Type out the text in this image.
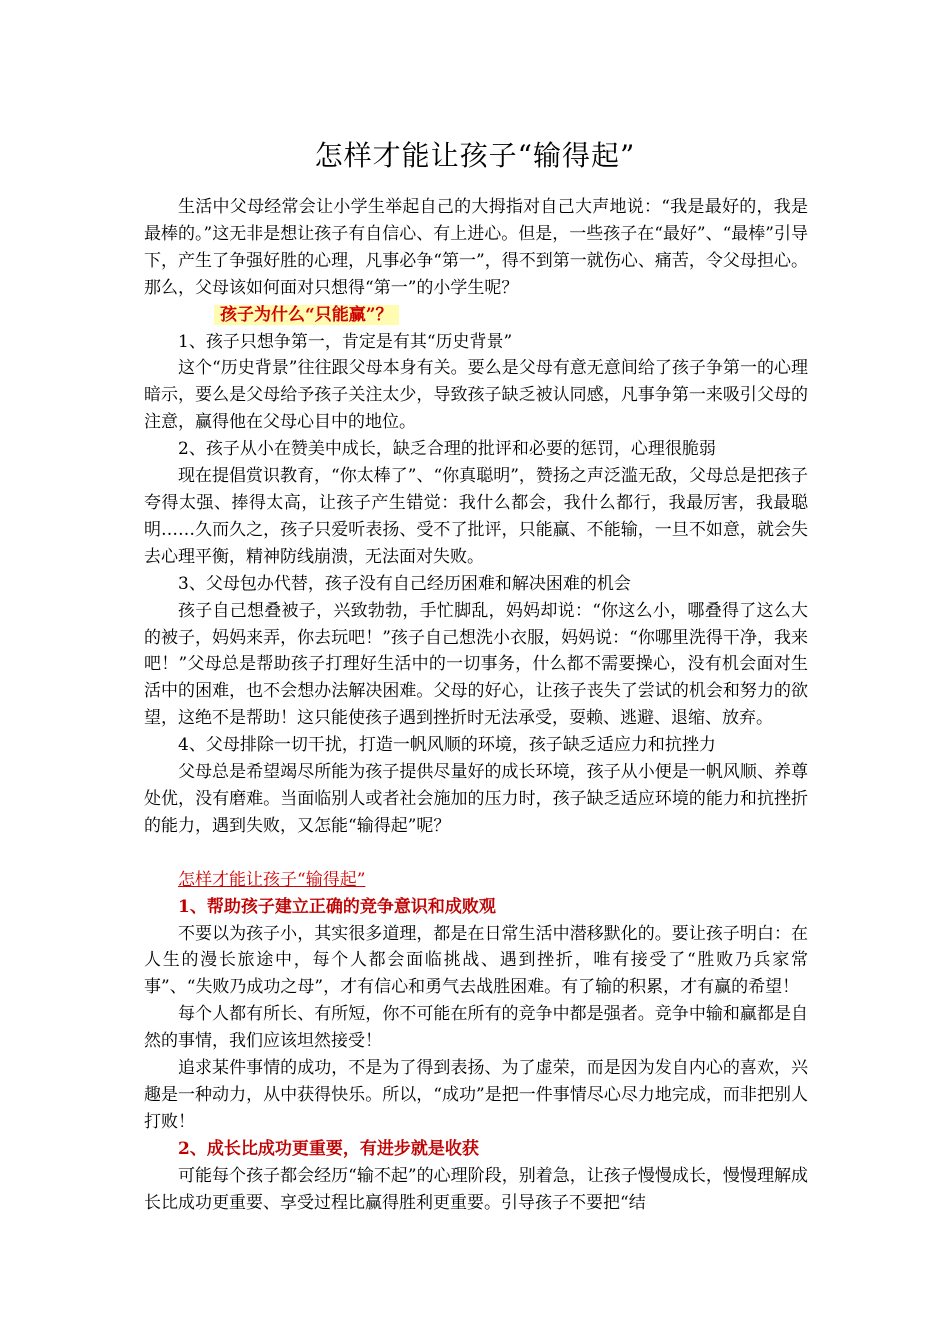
怎样才能让孩子“输得起”

生活中父母经常会让小学生举起自己的大拇指对自己大声地说：“我是最好的，我是最棒的。”这无非是想让孩子有自信心、有上进心。但是，一些孩子在“最好”、“最棒”引导下，产生了争强好胜的心理，凡事必争“第一”，得不到第一就伤心、痛苦，令父母担心。那么，父母该如何面对只想得“第一”的小学生呢？

孩子为什么“只能赢”？

1、孩子只想争第一，肯定是有其“历史背景”

这个“历史背景”往往跟父母本身有关。要么是父母有意无意间给了孩子争第一的心理暗示，要么是父母给予孩子关注太少，导致孩子缺乏被认同感，凡事争第一来吸引父母的注意，赢得他在父母心目中的地位。

2、孩子从小在赞美中成长，缺乏合理的批评和必要的惩罚，心理很脆弱

现在提倡赏识教育，“你太棒了”、“你真聪明”，赞扬之声泛滥无敌，父母总是把孩子夸得太强、捧得太高，让孩子产生错觉：我什么都会，我什么都行，我最厉害，我最聪明……久而久之，孩子只爱听表扬、受不了批评，只能赢、不能输，一旦不如意，就会失去心理平衡，精神防线崩溃，无法面对失败。

3、父母包办代替，孩子没有自己经历困难和解决困难的机会

孩子自己想叠被子，兴致勃勃，手忙脚乱，妈妈却说：“你这么小，哪叠得了这么大的被子，妈妈来弄，你去玩吧！”孩子自己想洗小衣服，妈妈说：“你哪里洗得干净，我来吧！”父母总是帮助孩子打理好生活中的一切事务，什么都不需要操心，没有机会面对生活中的困难，也不会想办法解决困难。父母的好心，让孩子丧失了尝试的机会和努力的欲望，这绝不是帮助！这只能使孩子遇到挫折时无法承受，耍赖、逃避、退缩、放弃。

4、父母排除一切干扰，打造一帆风顺的环境，孩子缺乏适应力和抗挫力

父母总是希望竭尽所能为孩子提供尽量好的成长环境，孩子从小便是一帆风顺、养尊处优，没有磨难。当面临别人或者社会施加的压力时，孩子缺乏适应环境的能力和抗挫折的能力，遇到失败，又怎能“输得起”呢？

怎样才能让孩子“输得起”

1、帮助孩子建立正确的竞争意识和成败观

不要以为孩子小，其实很多道理，都是在日常生活中潜移默化的。要让孩子明白：在人生的漫长旅途中，每个人都会面临挑战、遇到挫折，唯有接受了“胜败乃兵家常事”、“失败乃成功之母”，才有信心和勇气去战胜困难。有了输的积累，才有赢的希望！

每个人都有所长、有所短，你不可能在所有的竞争中都是强者。竞争中输和赢都是自然的事情，我们应该坦然接受！

追求某件事情的成功，不是为了得到表扬、为了虚荣，而是因为发自内心的喜欢，兴趣是一种动力，从中获得快乐。所以，“成功”是把一件事情尽心尽力地完成，而非把别人打败！

2、成长比成功更重要，有进步就是收获

可能每个孩子都会经历“输不起”的心理阶段，别着急，让孩子慢慢成长，慢慢理解成长比成功更重要、享受过程比赢得胜利更重要。引导孩子不要把“结
